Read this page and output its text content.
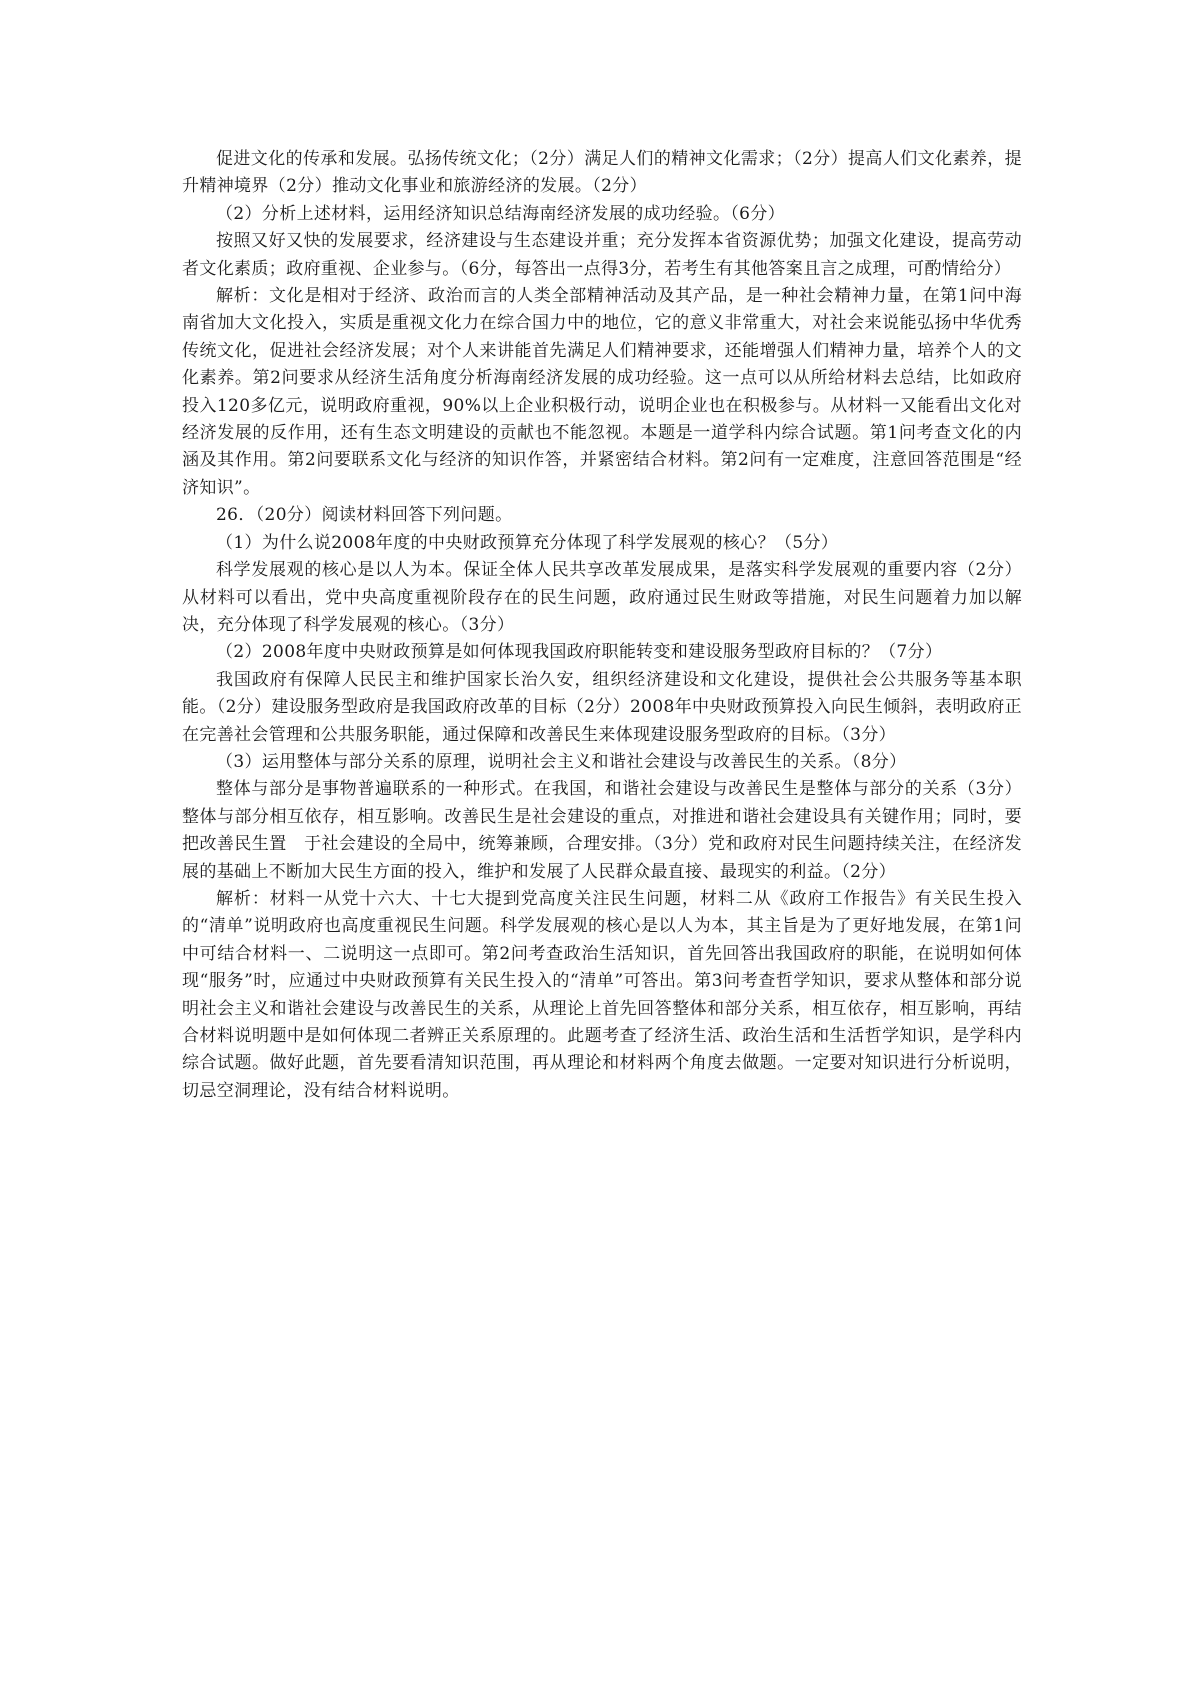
促进文化的传承和发展。弘扬传统文化；（2分）满足人们的精神文化需求；（2分）提高人们文化素养，提升精神境界（2分）推动文化事业和旅游经济的发展。（2分）

（2）分析上述材料，运用经济知识总结海南经济发展的成功经验。（6分）

按照又好又快的发展要求，经济建设与生态建设并重；充分发挥本省资源优势；加强文化建设，提高劳动者文化素质；政府重视、企业参与。（6分，每答出一点得3分，若考生有其他答案且言之成理，可酌情给分）

解析：文化是相对于经济、政治而言的人类全部精神活动及其产品，是一种社会精神力量，在第1问中海南省加大文化投入，实质是重视文化力在综合国力中的地位，它的意义非常重大，对社会来说能弘扬中华优秀传统文化，促进社会经济发展；对个人来讲能首先满足人们精神要求，还能增强人们精神力量，培养个人的文化素养。第2问要求从经济生活角度分析海南经济发展的成功经验。这一点可以从所给材料去总结，比如政府投入120多亿元，说明政府重视，90%以上企业积极行动，说明企业也在积极参与。从材料一又能看出文化对经济发展的反作用，还有生态文明建设的贡献也不能忽视。本题是一道学科内综合试题。第1问考查文化的内涵及其作用。第2问要联系文化与经济的知识作答，并紧密结合材料。第2问有一定难度，注意回答范围是“经济知识”。

26．（20分）阅读材料回答下列问题。

（1）为什么说2008年度的中央财政预算充分体现了科学发展观的核心？（5分）

科学发展观的核心是以人为本。保证全体人民共享改革发展成果，是落实科学发展观的重要内容（2分）从材料可以看出，党中央高度重视阶段存在的民生问题，政府通过民生财政等措施，对民生问题着力加以解决，充分体现了科学发展观的核心。（3分）

（2）2008年度中央财政预算是如何体现我国政府职能转变和建设服务型政府目标的？（7分）

我国政府有保障人民民主和维护国家长治久安，组织经济建设和文化建设，提供社会公共服务等基本职能。（2分）建设服务型政府是我国政府改革的目标（2分）2008年中央财政预算投入向民生倾斜，表明政府正在完善社会管理和公共服务职能，通过保障和改善民生来体现建设服务型政府的目标。（3分）

（3）运用整体与部分关系的原理，说明社会主义和谐社会建设与改善民生的关系。（8分）

整体与部分是事物普遍联系的一种形式。在我国，和谐社会建设与改善民生是整体与部分的关系（3分）整体与部分相互依存，相互影响。改善民生是社会建设的重点，对推进和谐社会建设具有关键作用；同时，要把改善民生置　于社会建设的全局中，统筹兼顾，合理安排。（3分）党和政府对民生问题持续关注，在经济发展的基础上不断加大民生方面的投入，维护和发展了人民群众最直接、最现实的利益。（2分）

解析：材料一从党十六大、十七大提到党高度关注民生问题，材料二从《政府工作报告》有关民生投入的“清单”说明政府也高度重视民生问题。科学发展观的核心是以人为本，其主旨是为了更好地发展，在第1问中可结合材料一、二说明这一点即可。第2问考查政治生活知识，首先回答出我国政府的职能，在说明如何体现“服务”时，应通过中央财政预算有关民生投入的“清单”可答出。第3问考查哲学知识，要求从整体和部分说明社会主义和谐社会建设与改善民生的关系，从理论上首先回答整体和部分关系，相互依存，相互影响，再结合材料说明题中是如何体现二者辨正关系原理的。此题考查了经济生活、政治生活和生活哲学知识，是学科内综合试题。做好此题，首先要看清知识范围，再从理论和材料两个角度去做题。一定要对知识进行分析说明，切忌空洞理论，没有结合材料说明。
